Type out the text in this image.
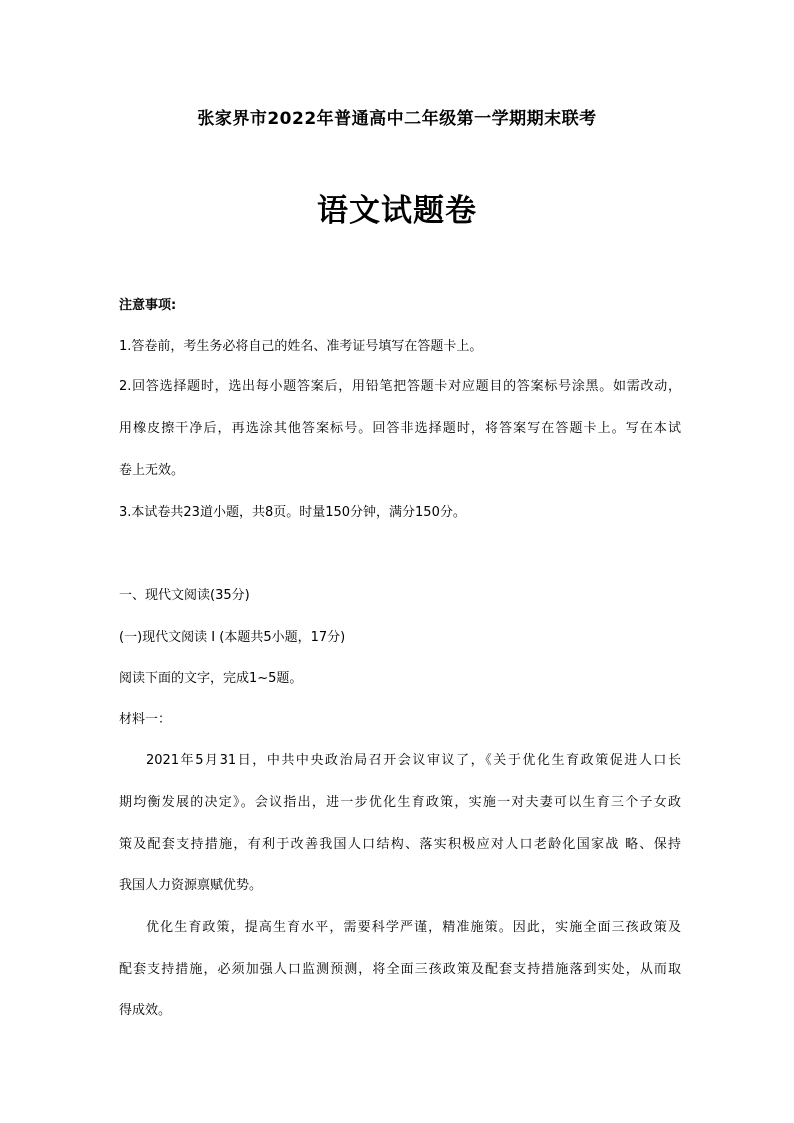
张家界市2022年普通高中二年级第一学期期末联考
语文试题卷
注意事项:
1.答卷前，考生务必将自己的姓名、准考证号填写在答题卡上。
2.回答选择题时，选出每小题答案后，用铅笔把答题卡对应题目的答案标号涂黑。如需改动，
用橡皮擦干净后，再选涂其他答案标号。回答非选择题时，将答案写在答题卡上。写在本试
卷上无效。
3.本试卷共23道小题，共8页。时量150分钟，满分150分。
一、现代文阅读(35分)
(一)现代文阅读 I (本题共5小题，17分)
阅读下面的文字，完成1~5题。
材料一：
2021年5月31日，中共中央政治局召开会议审议了，《关于优化生育政策促进人口长
期均衡发展的决定》。会议指出，进一步优化生育政策，实施一对夫妻可以生育三个子女政
策及配套支持措施，有利于改善我国人口结构、落实积极应对人口老龄化国家战 略、保持
我国人力资源禀赋优势。
优化生育政策，提高生育水平，需要科学严谨，精准施策。因此，实施全面三孩政策及
配套支持措施，必须加强人口监测预测，将全面三孩政策及配套支持措施落到实处，从而取
得成效。
